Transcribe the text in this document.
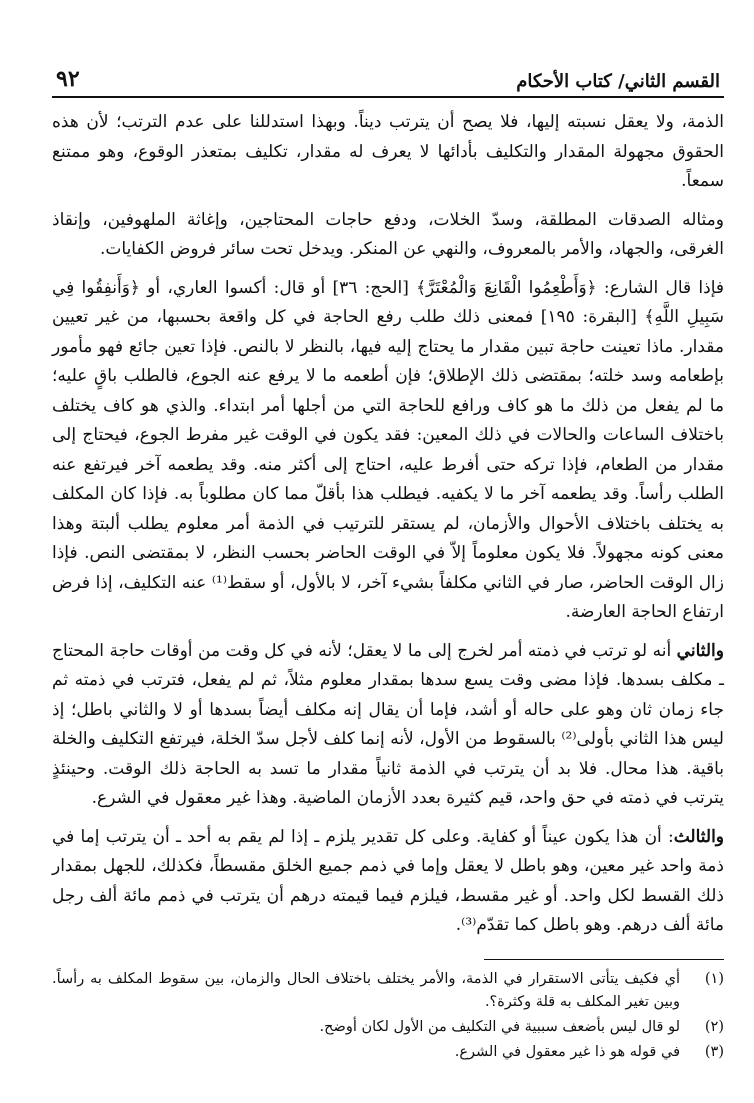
القسم الثاني/ كتاب الأحكام
٩٢

الذمة، ولا يعقل نسبته إليها، فلا يصح أن يترتب ديناً. وبهذا استدللنا على عدم الترتب؛ لأن هذه الحقوق مجهولة المقدار والتكليف بأدائها لا يعرف له مقدار، تكليف بمتعذر الوقوع، وهو ممتنع سمعاً.

ومثاله الصدقات المطلقة، وسدّ الخلات، ودفع حاجات المحتاجين، وإغاثة الملهوفين، وإنقاذ الغرقى، والجهاد، والأمر بالمعروف، والنهي عن المنكر. ويدخل تحت سائر فروض الكفايات.

فإذا قال الشارع: ﴿وَأَطْعِمُوا الْقَانِعَ وَالْمُعْتَرَّ﴾ [الحج: ٣٦] أو قال: أكسوا العاري، أو ﴿وَأَنفِقُوا فِي سَبِيلِ اللَّهِ﴾ [البقرة: ١٩٥] فمعنى ذلك طلب رفع الحاجة في كل واقعة بحسبها، من غير تعيين مقدار. ماذا تعينت حاجة تبين مقدار ما يحتاج إليه فيها، بالنظر لا بالنص. فإذا تعين جائع فهو مأمور بإطعامه وسد خلته؛ بمقتضى ذلك الإطلاق؛ فإن أطعمه ما لا يرفع عنه الجوع، فالطلب باقٍ عليه؛ ما لم يفعل من ذلك ما هو كاف ورافع للحاجة التي من أجلها أمر ابتداء. والذي هو كاف يختلف باختلاف الساعات والحالات في ذلك المعين: فقد يكون في الوقت غير مفرط الجوع، فيحتاج إلى مقدار من الطعام، فإذا تركه حتى أفرط عليه، احتاج إلى أكثر منه. وقد يطعمه آخر فيرتفع عنه الطلب رأساً. وقد يطعمه آخر ما لا يكفيه. فيطلب هذا بأقلّ مما كان مطلوباً به. فإذا كان المكلف به يختلف باختلاف الأحوال والأزمان، لم يستقر للترتيب في الذمة أمر معلوم يطلب ألبتة وهذا معنى كونه مجهولاً. فلا يكون معلوماً إلاّ في الوقت الحاضر بحسب النظر، لا بمقتضى النص. فإذا زال الوقت الحاضر، صار في الثاني مكلفاً بشيء آخر، لا بالأول، أو سقط⁽¹⁾ عنه التكليف، إذا فرض ارتفاع الحاجة العارضة.

والثاني أنه لو ترتب في ذمته أمر لخرج إلى ما لا يعقل؛ لأنه في كل وقت من أوقات حاجة المحتاج ـ مكلف بسدها. فإذا مضى وقت يسع سدها بمقدار معلوم مثلاً، ثم لم يفعل، فترتب في ذمته ثم جاء زمان ثان وهو على حاله أو أشد، فإما أن يقال إنه مكلف أيضاً بسدها أو لا والثاني باطل؛ إذ ليس هذا الثاني بأولى⁽²⁾ بالسقوط من الأول، لأنه إنما كلف لأجل سدّ الخلة، فيرتفع التكليف والخلة باقية. هذا محال. فلا بد أن يترتب في الذمة ثانياً مقدار ما تسد به الحاجة ذلك الوقت. وحينئذٍ يترتب في ذمته في حق واحد، قيم كثيرة بعدد الأزمان الماضية. وهذا غير معقول في الشرع.

والثالث: أن هذا يكون عيناً أو كفاية. وعلى كل تقدير يلزم ـ إذا لم يقم به أحد ـ أن يترتب إما في ذمة واحد غير معين، وهو باطل لا يعقل وإما في ذمم جميع الخلق مقسطاً، فكذلك، للجهل بمقدار ذلك القسط لكل واحد. أو غير مقسط، فيلزم فيما قيمته درهم أن يترتب في ذمم مائة ألف رجل مائة ألف درهم. وهو باطل كما تقدّم⁽³⁾.

(١)
أي فكيف يتأتى الاستقرار في الذمة، والأمر يختلف باختلاف الحال والزمان، بين سقوط المكلف به رأساً. وبين تغير المكلف به قلة وكثرة؟.
(٢)
لو قال ليس بأضعف سببية في التكليف من الأول لكان أوضح.
(٣)
في قوله هو ذا غير معقول في الشرع.
